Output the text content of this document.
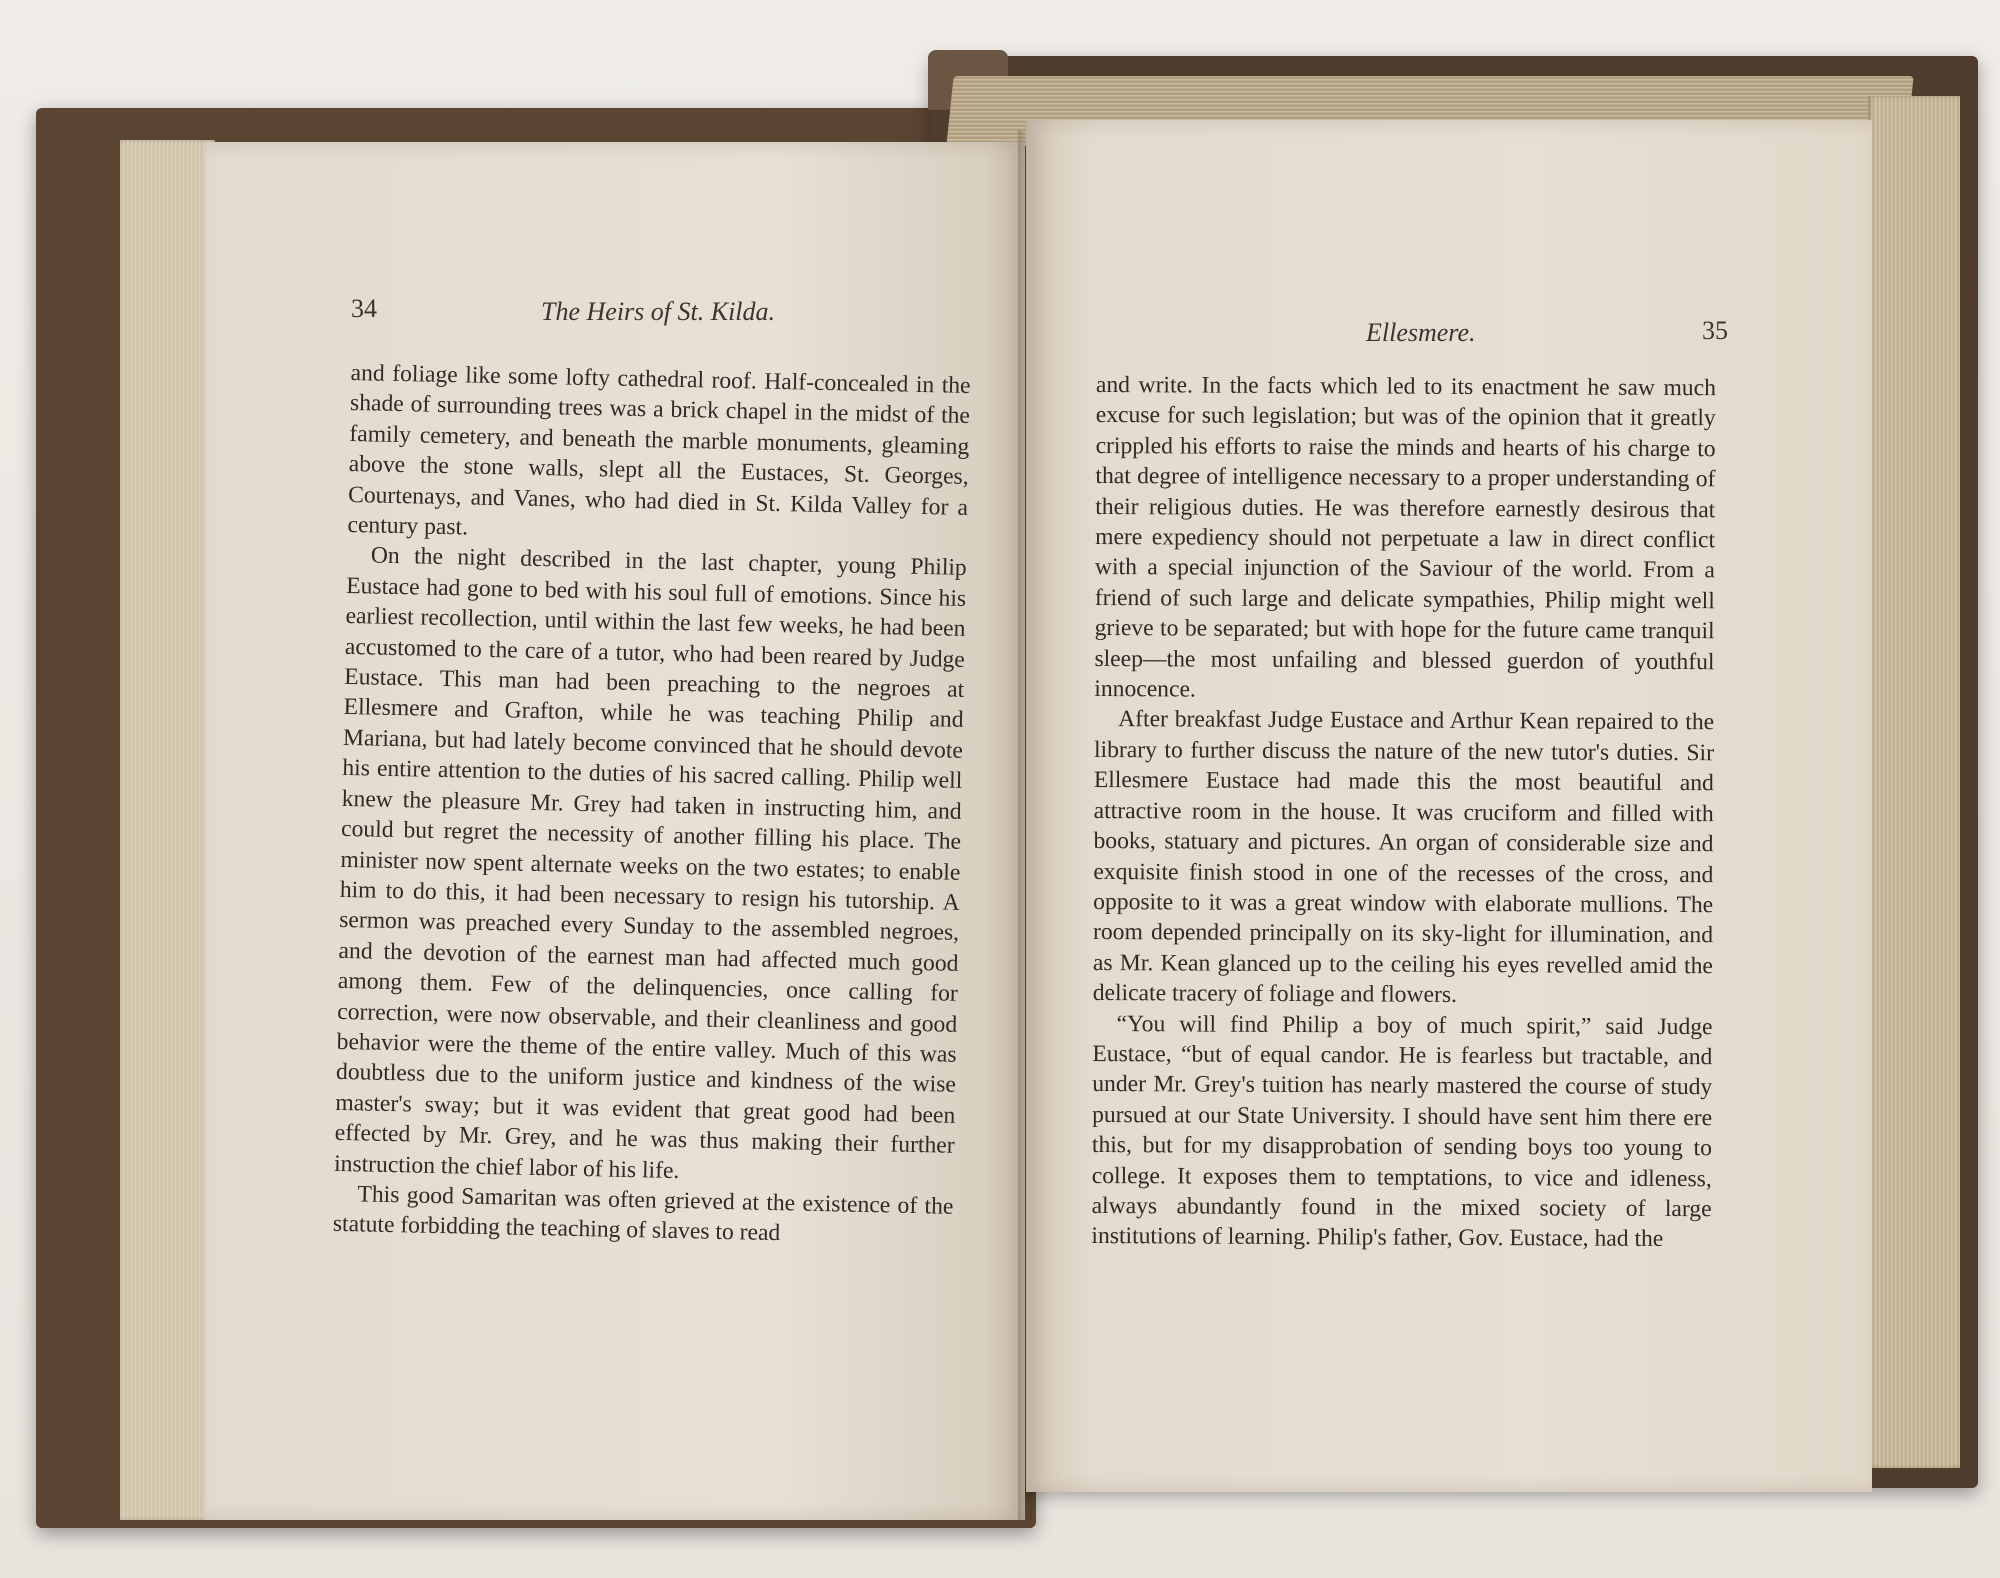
34	The Heirs of St. Kilda.

and foliage like some lofty cathedral roof. Half-concealed in the shade of surrounding trees was a brick chapel in the midst of the family cemetery, and beneath the marble monuments, gleaming above the stone walls, slept all the Eustaces, St. Georges, Courtenays, and Vanes, who had died in St. Kilda Valley for a century past.

On the night described in the last chapter, young Philip Eustace had gone to bed with his soul full of emotions. Since his earliest recollection, until within the last few weeks, he had been accustomed to the care of a tutor, who had been reared by Judge Eustace. This man had been preaching to the negroes at Ellesmere and Grafton, while he was teaching Philip and Mariana, but had lately become convinced that he should devote his entire attention to the duties of his sacred calling. Philip well knew the pleasure Mr. Grey had taken in instructing him, and could but regret the necessity of another filling his place. The minister now spent alternate weeks on the two estates; to enable him to do this, it had been necessary to resign his tutorship. A sermon was preached every Sunday to the assembled negroes, and the devotion of the earnest man had affected much good among them. Few of the delinquencies, once calling for correction, were now observable, and their cleanliness and good behavior were the theme of the entire valley. Much of this was doubtless due to the uniform justice and kindness of the wise master's sway; but it was evident that great good had been effected by Mr. Grey, and he was thus making their further instruction the chief labor of his life.

This good Samaritan was often grieved at the existence of the statute forbidding the teaching of slaves to read

Ellesmere.	35

and write. In the facts which led to its enactment he saw much excuse for such legislation; but was of the opinion that it greatly crippled his efforts to raise the minds and hearts of his charge to that degree of intelligence necessary to a proper understanding of their religious duties. He was therefore earnestly desirous that mere expediency should not perpetuate a law in direct conflict with a special injunction of the Saviour of the world. From a friend of such large and delicate sympathies, Philip might well grieve to be separated; but with hope for the future came tranquil sleep—the most unfailing and blessed guerdon of youthful innocence.

After breakfast Judge Eustace and Arthur Kean repaired to the library to further discuss the nature of the new tutor's duties. Sir Ellesmere Eustace had made this the most beautiful and attractive room in the house. It was cruciform and filled with books, statuary and pictures. An organ of considerable size and exquisite finish stood in one of the recesses of the cross, and opposite to it was a great window with elaborate mullions. The room depended principally on its sky-light for illumination, and as Mr. Kean glanced up to the ceiling his eyes revelled amid the delicate tracery of foliage and flowers.

“You will find Philip a boy of much spirit,” said Judge Eustace, “but of equal candor. He is fearless but tractable, and under Mr. Grey's tuition has nearly mastered the course of study pursued at our State University. I should have sent him there ere this, but for my disapprobation of sending boys too young to college. It exposes them to temptations, to vice and idleness, always abundantly found in the mixed society of large institutions of learning. Philip's father, Gov. Eustace, had the
